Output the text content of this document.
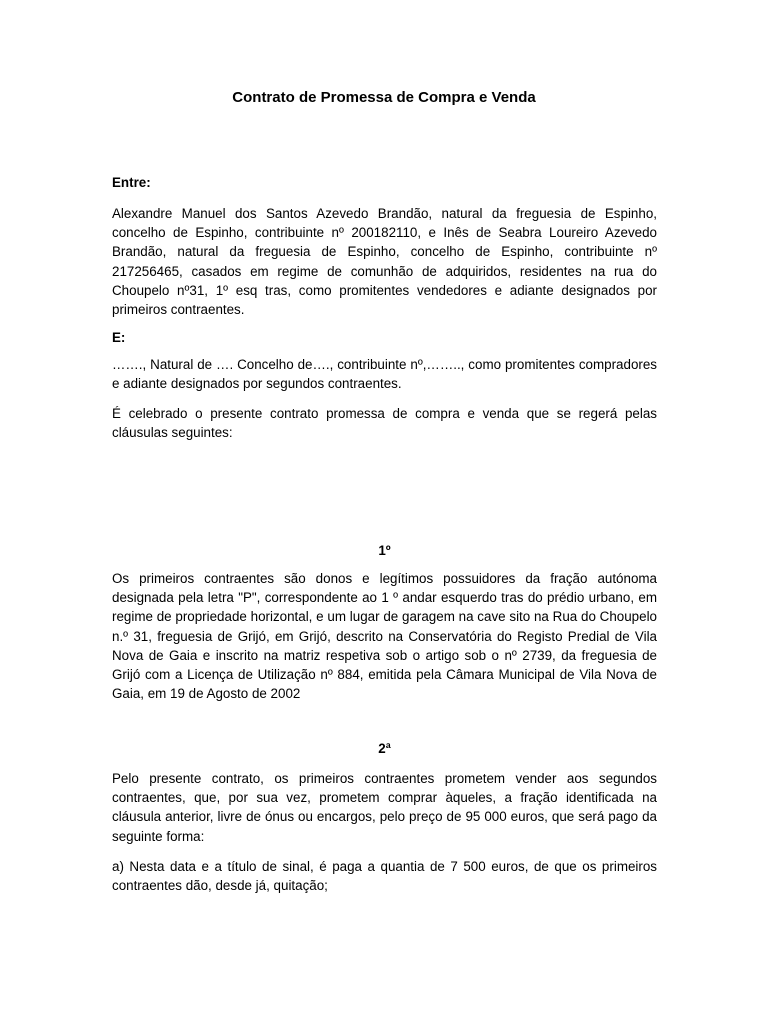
Contrato de Promessa de Compra e Venda

Entre:

Alexandre Manuel dos Santos Azevedo Brandão, natural da freguesia de Espinho, concelho de Espinho, contribuinte nº 200182110, e Inês de Seabra Loureiro Azevedo Brandão, natural da freguesia de Espinho, concelho de Espinho, contribuinte nº 217256465, casados em regime de comunhão de adquiridos, residentes na rua do Choupelo nº31, 1º esq tras, como promitentes vendedores e adiante designados por primeiros contraentes.

E:

……., Natural de …. Concelho de…., contribuinte nº,…….., como promitentes compradores e adiante designados por segundos contraentes.

É celebrado o presente contrato promessa de compra e venda que se regerá pelas cláusulas seguintes:

1º

Os primeiros contraentes são donos e legítimos possuidores da fração autónoma designada pela letra "P", correspondente ao 1 º andar esquerdo tras do prédio urbano, em regime de propriedade horizontal, e um lugar de garagem na cave sito na Rua do Choupelo n.º 31, freguesia de Grijó, em Grijó, descrito na Conservatória do Registo Predial de Vila Nova de Gaia e inscrito na matriz respetiva sob o artigo sob o nº 2739, da freguesia de Grijó com a Licença de Utilização nº 884, emitida pela Câmara Municipal de Vila Nova de Gaia, em 19 de Agosto de 2002

2ª

Pelo presente contrato, os primeiros contraentes prometem vender aos segundos contraentes, que, por sua vez, prometem comprar àqueles, a fração identificada na cláusula anterior, livre de ónus ou encargos, pelo preço de 95 000 euros, que será pago da seguinte forma:

a) Nesta data e a título de sinal, é paga a quantia de 7 500 euros, de que os primeiros contraentes dão, desde já, quitação;
